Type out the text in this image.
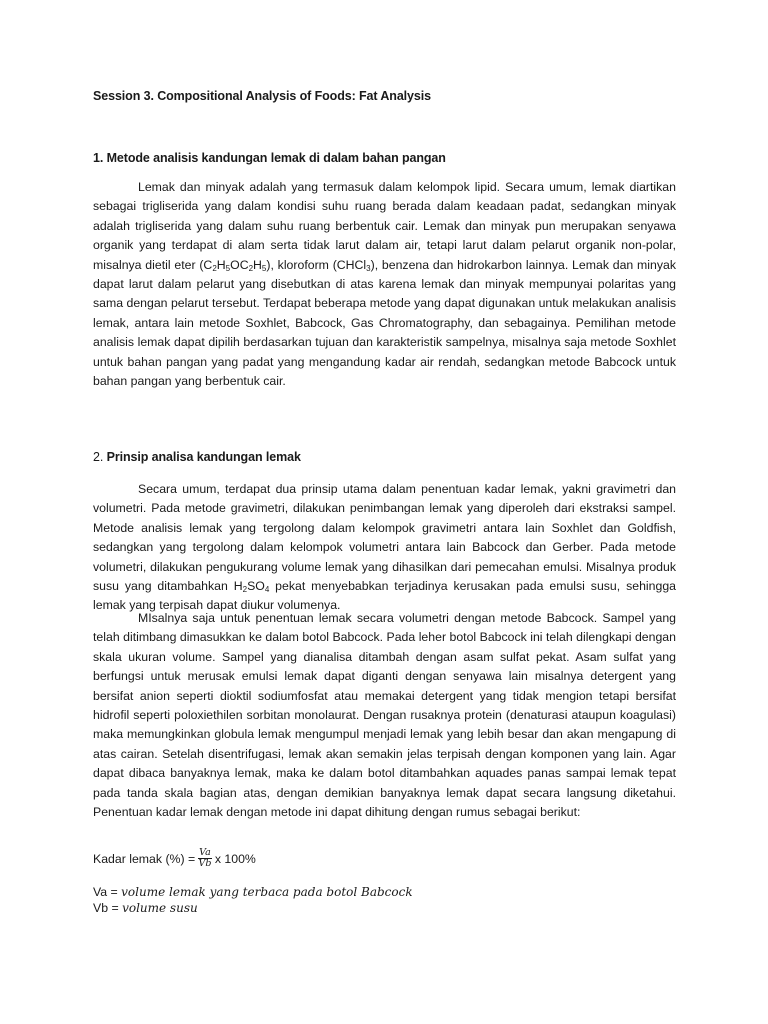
Session 3. Compositional Analysis of Foods: Fat Analysis
1. Metode analisis kandungan lemak di dalam bahan pangan

Lemak dan minyak adalah yang termasuk dalam kelompok lipid. Secara umum, lemak diartikan sebagai trigliserida yang dalam kondisi suhu ruang berada dalam keadaan padat, sedangkan minyak adalah trigliserida yang dalam suhu ruang berbentuk cair. Lemak dan minyak pun merupakan senyawa organik yang terdapat di alam serta tidak larut dalam air, tetapi larut dalam pelarut organik non-polar, misalnya dietil eter $(C_2H_5OC_2H_5)$, kloroform (CHCl$_3$), benzena dan hidrokarbon lainnya. Lemak dan minyak dapat larut dalam pelarut yang disebutkan di atas karena lemak dan minyak mempunyai polaritas yang sama dengan pelarut tersebut. Terdapat beberapa metode yang dapat digunakan untuk melakukan analisis lemak, antara lain metode Soxhlet, Babcock, Gas Chromatography, dan sebagainya. Pemilihan metode analisis lemak dapat dipilih berdasarkan tujuan dan karakteristik sampelnya, misalnya saja metode Soxhlet untuk bahan pangan yang padat yang mengandung kadar air rendah, sedangkan metode Babcock untuk bahan pangan yang berbentuk cair.

2. Prinsip analisa kandungan lemak

Secara umum, terdapat dua prinsip utama dalam penentuan kadar lemak, yakni gravimetri dan volumetri. Pada metode gravimetri, dilakukan penimbangan lemak yang diperoleh dari ekstraksi sampel. Metode analisis lemak yang tergolong dalam kelompok gravimetri antara lain Soxhlet dan Goldfish, sedangkan yang tergolong dalam kelompok volumetri antara lain Babcock dan Gerber. Pada metode volumetri, dilakukan pengukurang volume lemak yang dihasilkan dari pemecahan emulsi. Misalnya produk susu yang ditambahkan $H_2SO_4$ pekat menyebabkan terjadinya kerusakan pada emulsi susu, sehingga lemak yang terpisah dapat diukur volumenya.

MIsalnya saja untuk penentuan lemak secara volumetri dengan metode Babcock. Sampel yang telah ditimbang dimasukkan ke dalam botol Babcock. Pada leher botol Babcock ini telah dilengkapi dengan skala ukuran volume. Sampel yang dianalisa ditambah dengan asam sulfat pekat. Asam sulfat yang berfungsi untuk merusak emulsi lemak dapat diganti dengan senyawa lain misalnya detergent yang bersifat anion seperti dioktil sodiumfosfat atau memakai detergent yang tidak mengion tetapi bersifat hidrofil seperti poloxiethilen sorbitan monolaurat. Dengan rusaknya protein (denaturasi ataupun koagulasi) maka memungkinkan globula lemak mengumpul menjadi lemak yang lebih besar dan akan mengapung di atas cairan. Setelah disentrifugasi, lemak akan semakin jelas terpisah dengan komponen yang lain. Agar dapat dibaca banyaknya lemak, maka ke dalam botol ditambahkan aquades panas sampai lemak tepat pada tanda skala bagian atas, dengan demikian banyaknya lemak dapat secara langsung diketahui. Penentuan kadar lemak dengan metode ini dapat dihitung dengan rumus sebagai berikut:

Kadar lemak (%) = $\frac{Va}{Vb}$ x 100%
Va = volume lemak yang terbaca pada botol Babcock
Vb = volume susu
